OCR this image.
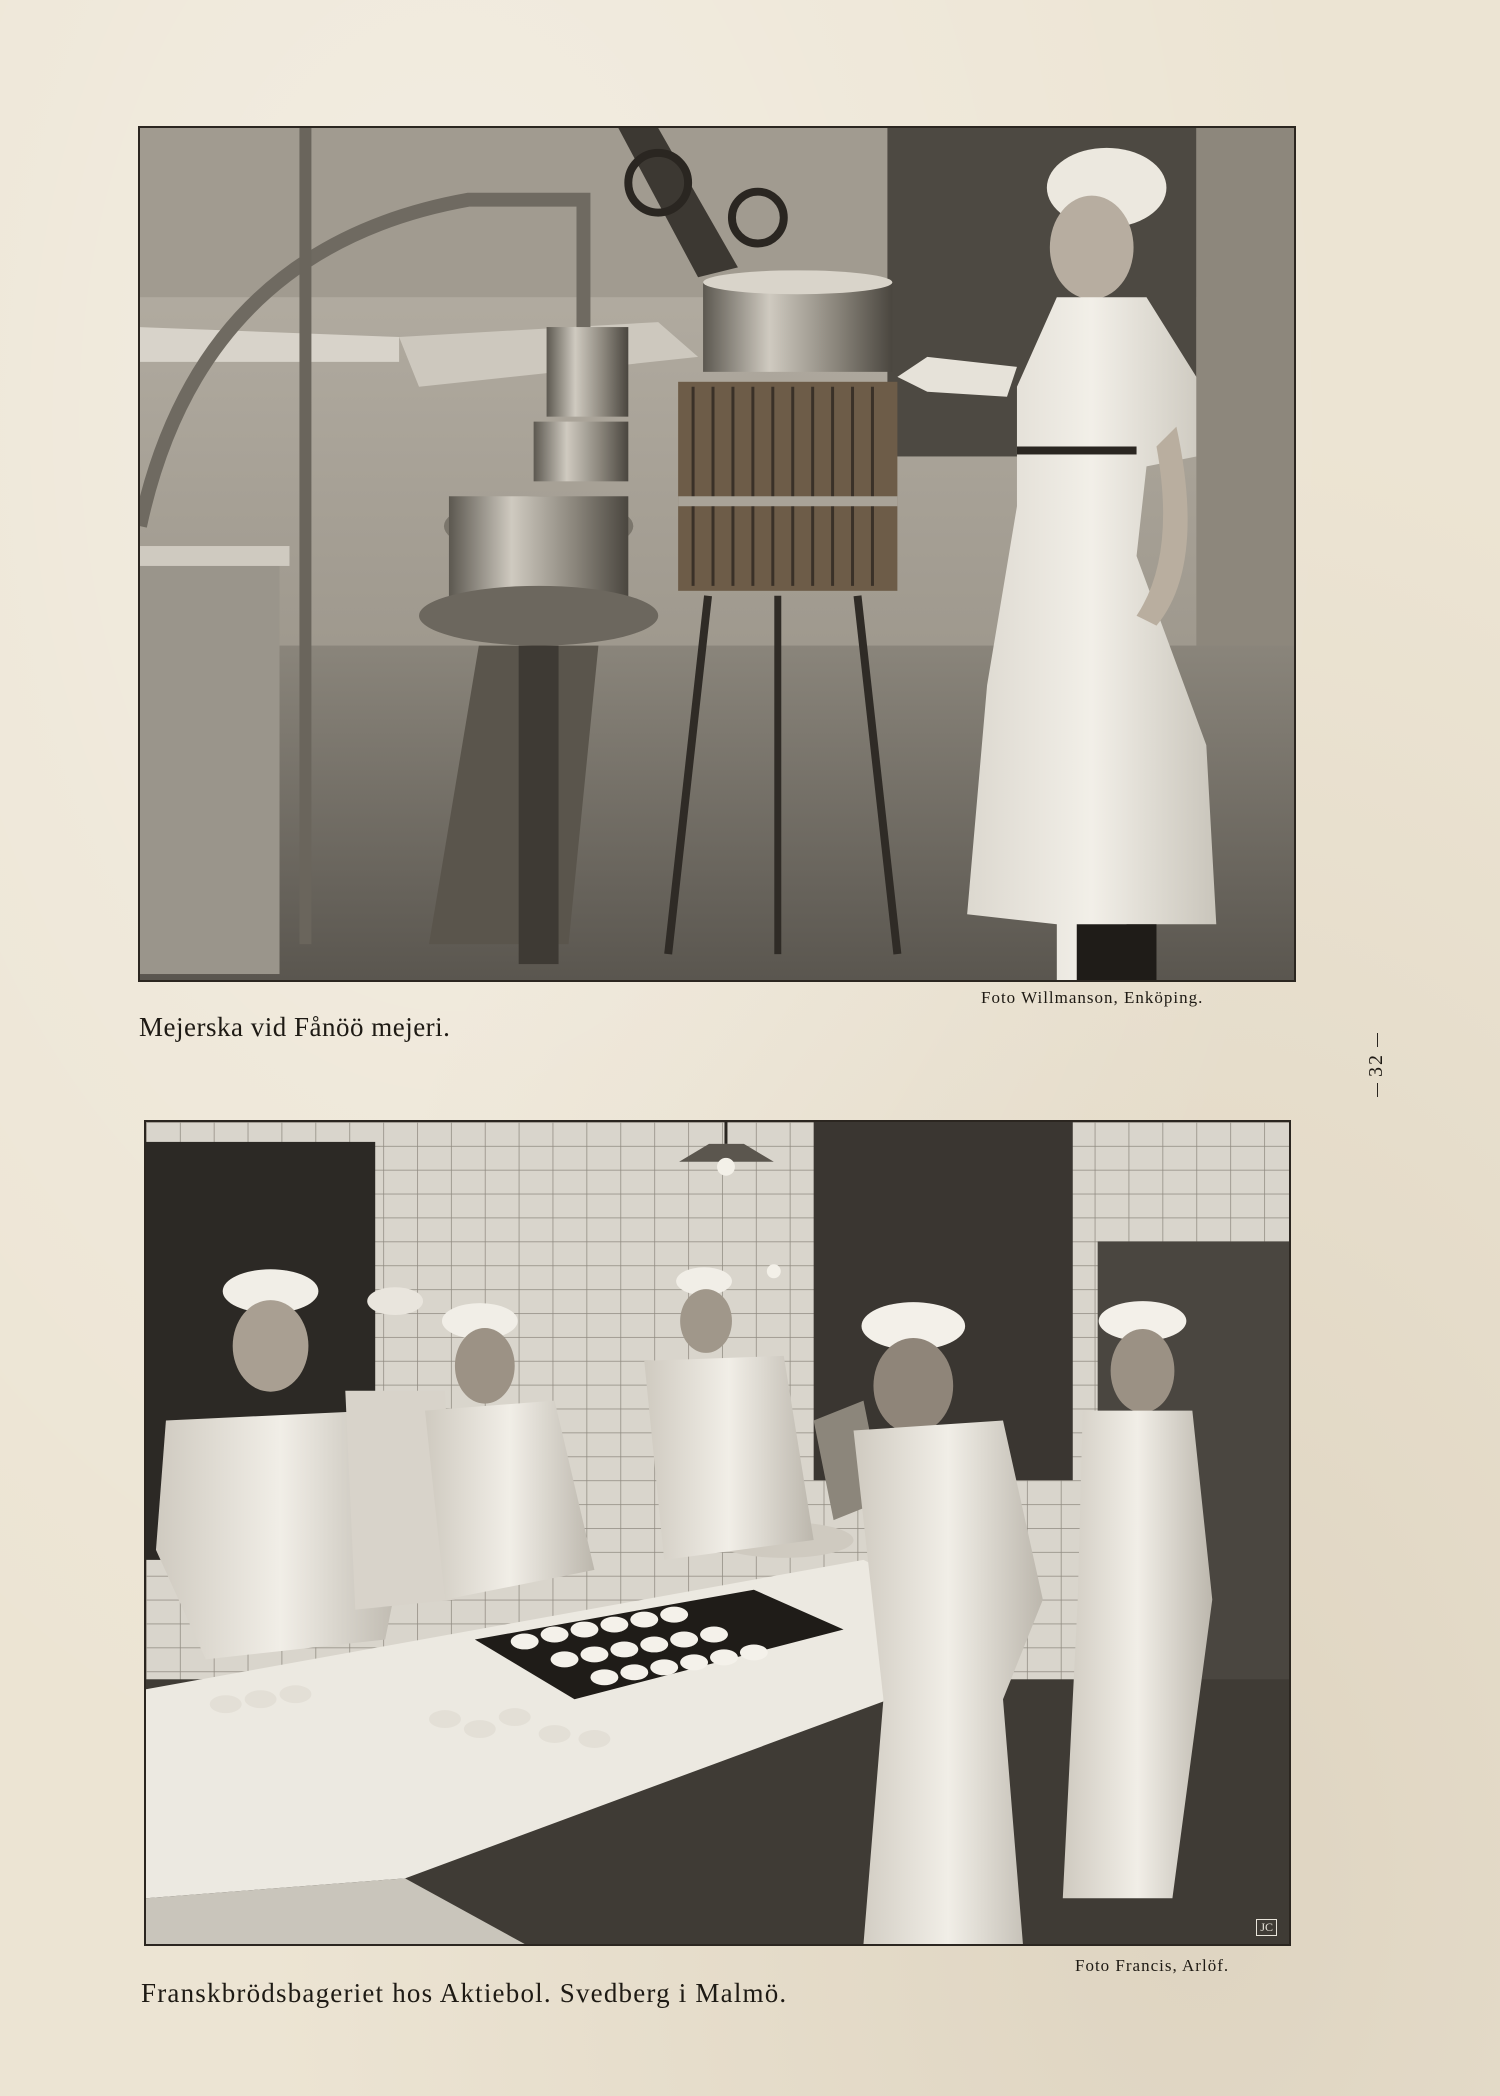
Foto Willmanson, Enköping.
Mejerska vid Fånöö mejeri.
32
JC
Foto Francis, Arlöf.
Franskbrödsbageriet hos Aktiebol. Svedberg i Malmö.
